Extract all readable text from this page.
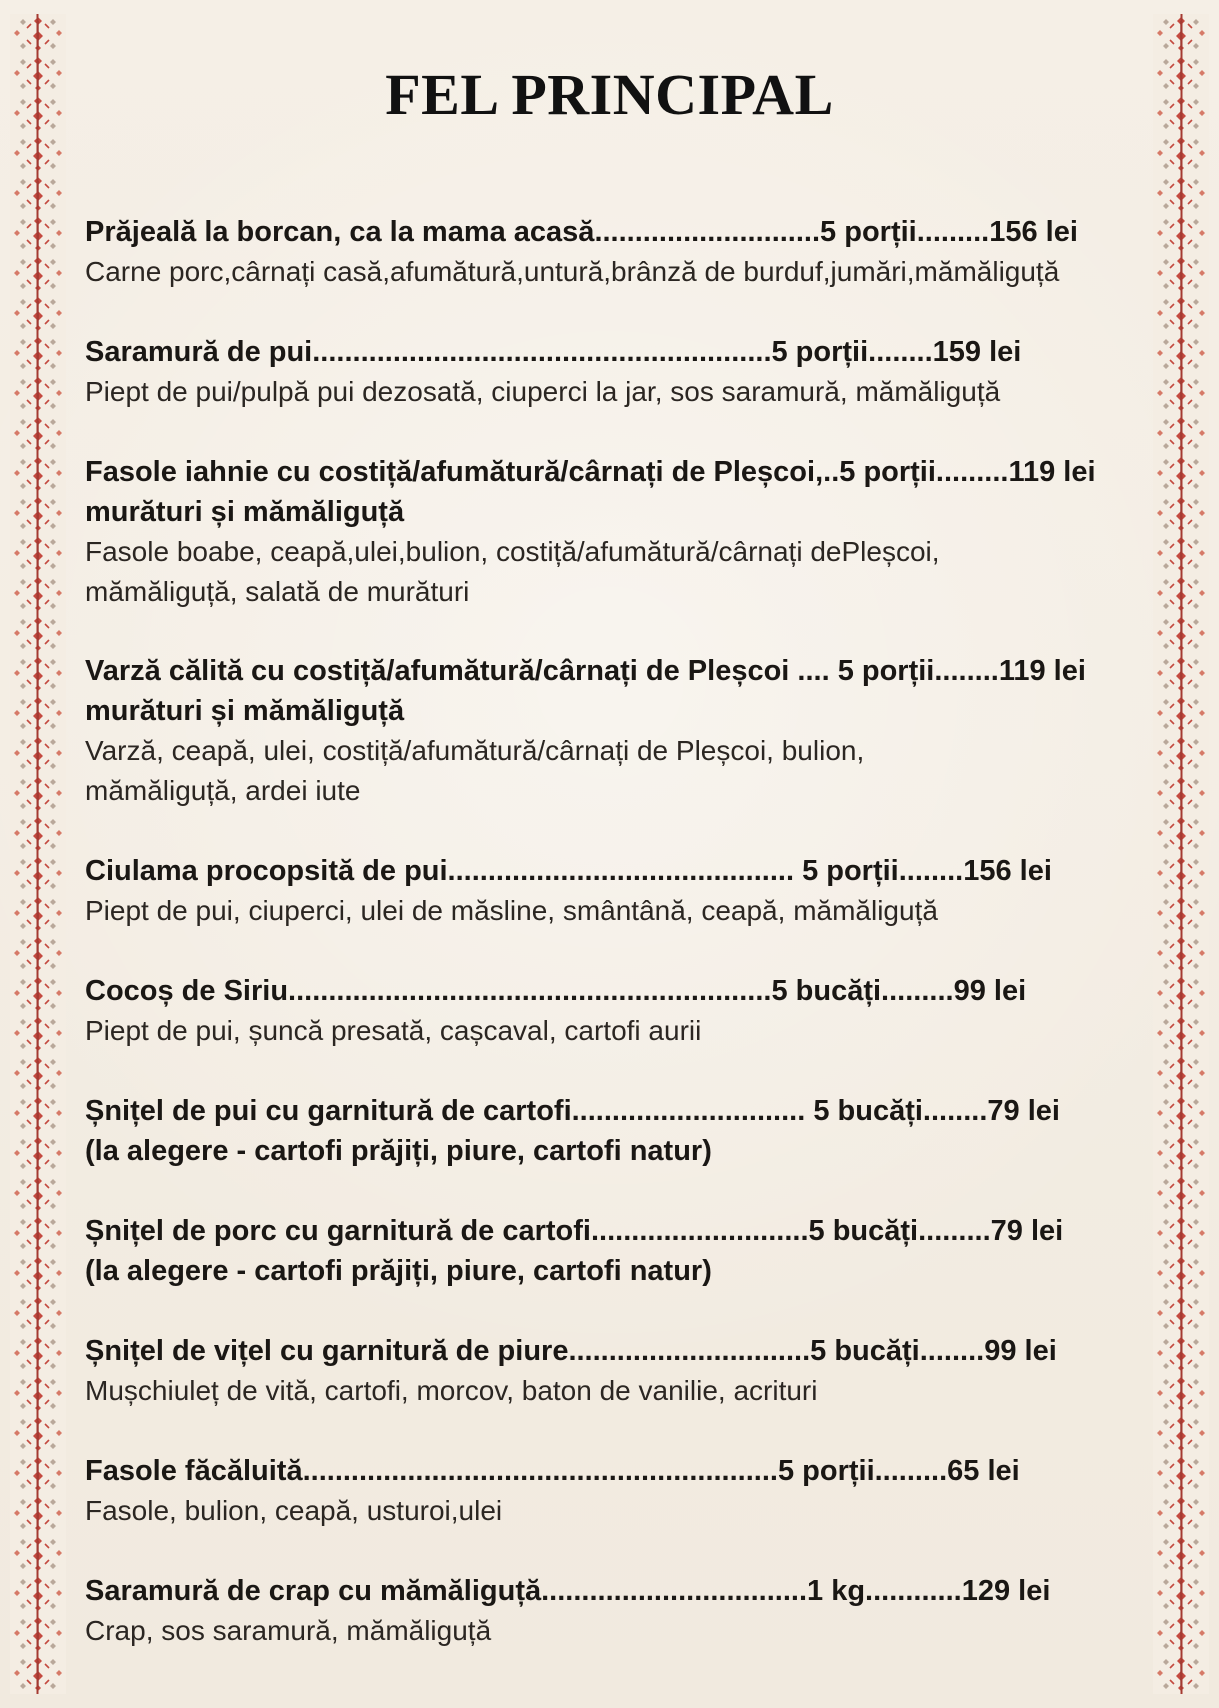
FEL PRINCIPAL
Prăjeală la borcan, ca la mama acasă............................5 porții.........156 lei
Carne porc,cârnați casă,afumătură,untură,brânză de burduf,jumări,mămăliguță
Saramură de pui.........................................................5 porții........159 lei
Piept de pui/pulpă pui dezosată, ciuperci la jar, sos saramură, mămăliguță
Fasole iahnie cu costiță/afumătură/cârnați de Pleșcoi,..5 porții.........119 lei
murături și mămăliguță
Fasole boabe, ceapă,ulei,bulion, costiță/afumătură/cârnați dePleșcoi,
mămăliguță, salată de murături
Varză călită cu costiță/afumătură/cârnați de Pleșcoi .... 5 porții........119 lei
murături și mămăliguță
Varză, ceapă, ulei, costiță/afumătură/cârnați de Pleșcoi, bulion,
mămăliguță, ardei iute
Ciulama procopsită de pui........................................... 5 porții........156 lei
Piept de pui, ciuperci, ulei de măsline, smântână, ceapă, mămăliguță
Cocoș de Siriu............................................................5 bucăți.........99 lei
Piept de pui, șuncă presată, cașcaval, cartofi aurii
Șnițel de pui cu garnitură de cartofi............................. 5 bucăți........79 lei
(la alegere - cartofi prăjiți, piure, cartofi natur)
Șnițel de porc cu garnitură de cartofi...........................5 bucăți.........79 lei
(la alegere - cartofi prăjiți, piure, cartofi natur)
Șnițel de vițel cu garnitură de piure..............................5 bucăți........99 lei
Mușchiuleț de vită, cartofi, morcov, baton de vanilie, acrituri
Fasole făcăluită...........................................................5 porții.........65 lei
Fasole, bulion, ceapă, usturoi,ulei
Saramură de crap cu mămăliguță.................................1 kg............129 lei
Crap, sos saramură, mămăliguță
